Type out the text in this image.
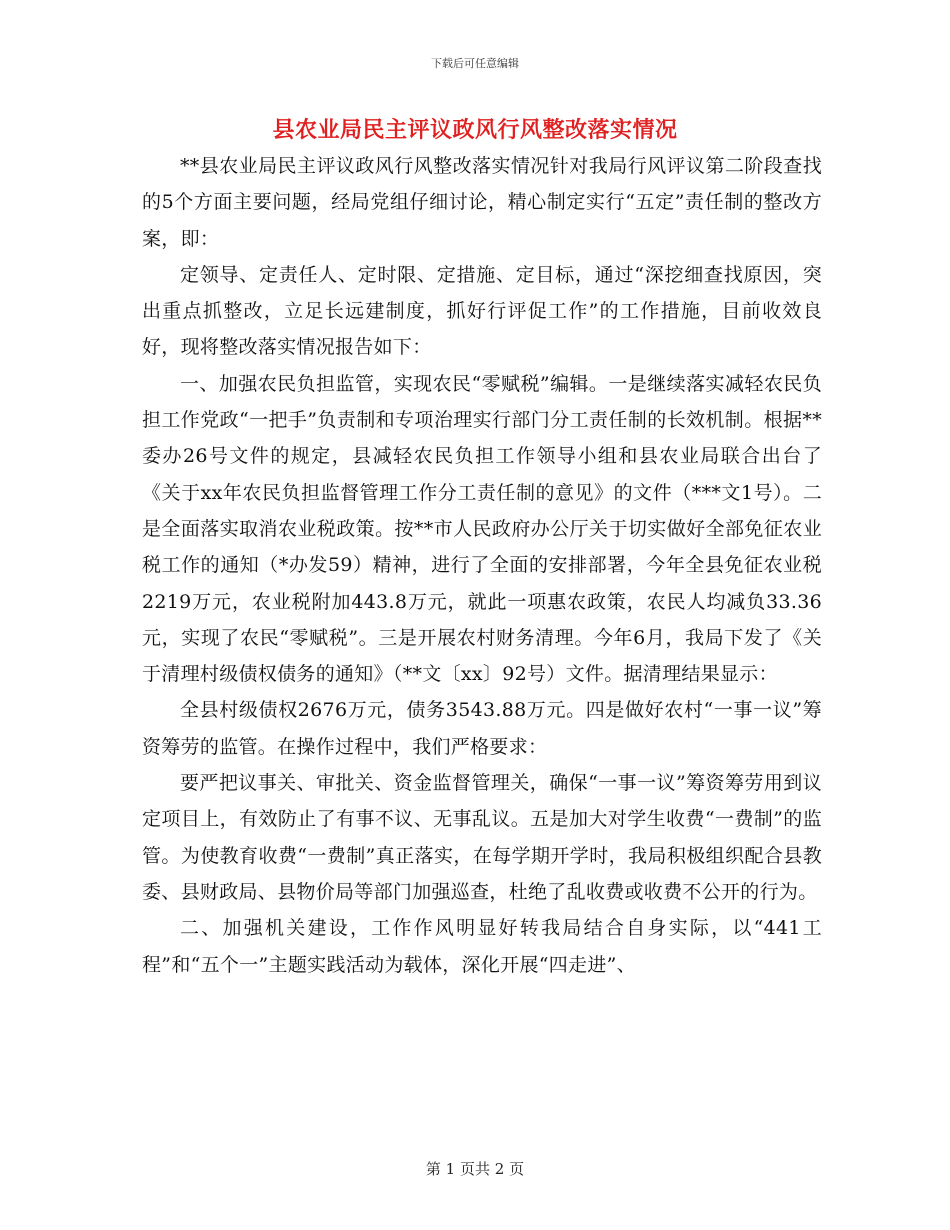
下载后可任意编辑
县农业局民主评议政风行风整改落实情况

**县农业局民主评议政风行风整改落实情况针对我局行风评议第二阶段查找的5个方面主要问题，经局党组仔细讨论，精心制定实行“五定”责任制的整改方案，即：

定领导、定责任人、定时限、定措施、定目标，通过“深挖细查找原因，突出重点抓整改，立足长远建制度，抓好行评促工作”的工作措施，目前收效良好，现将整改落实情况报告如下：

一、加强农民负担监管，实现农民“零赋税”编辑。一是继续落实减轻农民负担工作党政“一把手”负责制和专项治理实行部门分工责任制的长效机制。根据**委办26号文件的规定，县减轻农民负担工作领导小组和县农业局联合出台了《关于xx年农民负担监督管理工作分工责任制的意见》的文件（***文1号）。二是全面落实取消农业税政策。按**市人民政府办公厅关于切实做好全部免征农业税工作的通知（*办发59）精神，进行了全面的安排部署，今年全县免征农业税2219万元，农业税附加443.8万元，就此一项惠农政策，农民人均减负33.36元，实现了农民“零赋税”。三是开展农村财务清理。今年6月，我局下发了《关于清理村级债权债务的通知》（**文〔xx〕92号）文件。据清理结果显示：

全县村级债权2676万元，债务3543.88万元。四是做好农村“一事一议”筹资筹劳的监管。在操作过程中，我们严格要求：

要严把议事关、审批关、资金监督管理关，确保“一事一议”筹资筹劳用到议定项目上，有效防止了有事不议、无事乱议。五是加大对学生收费“一费制”的监管。为使教育收费“一费制”真正落实，在每学期开学时，我局积极组织配合县教委、县财政局、县物价局等部门加强巡查，杜绝了乱收费或收费不公开的行为。

二、加强机关建设，工作作风明显好转我局结合自身实际，以“441工程”和“五个一”主题实践活动为载体，深化开展“四走进”、

第 1 页共 2 页
